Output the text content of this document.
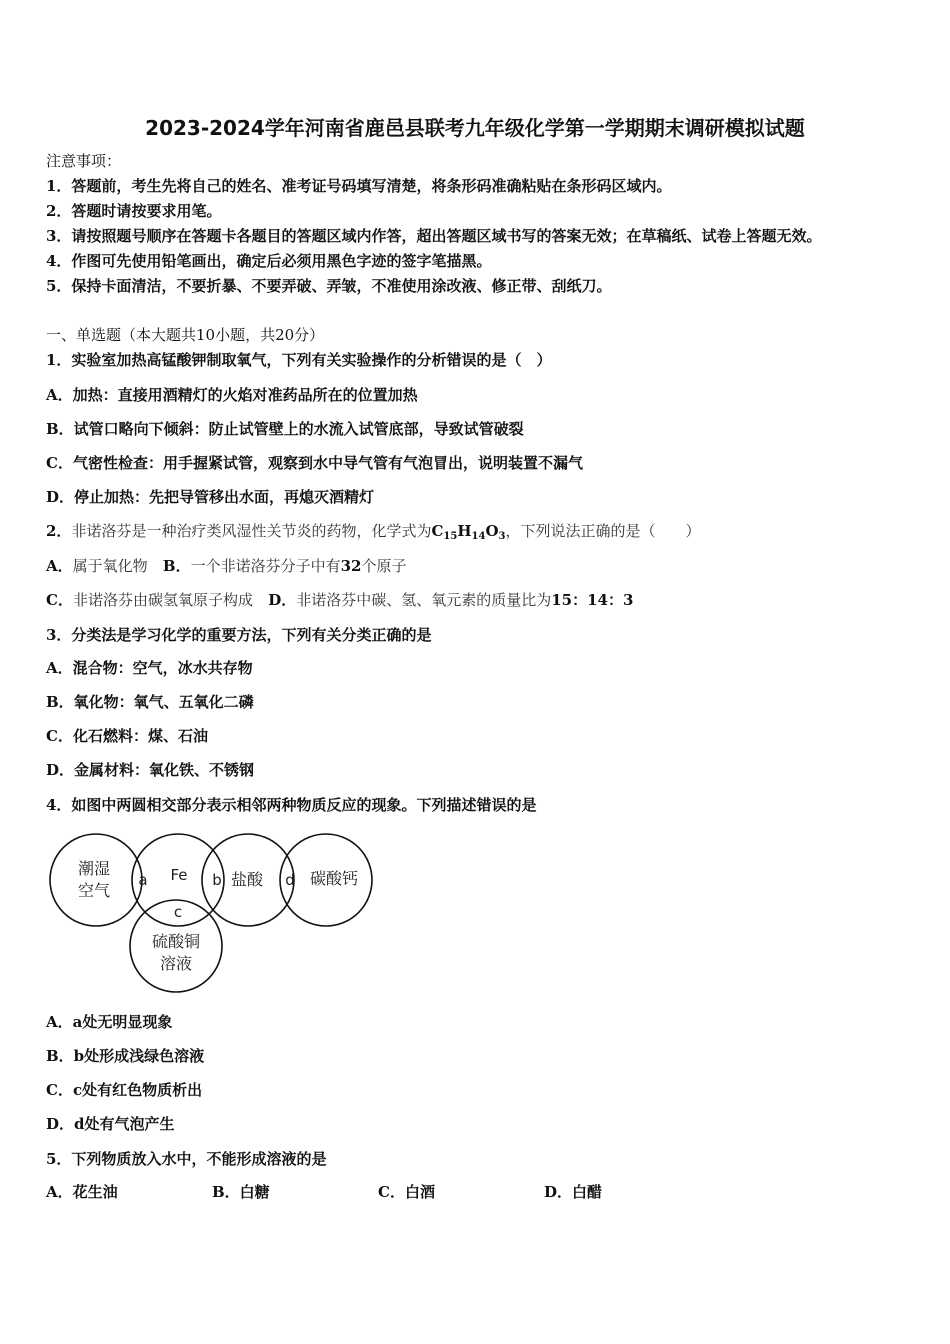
2023-2024学年河南省鹿邑县联考九年级化学第一学期期末调研模拟试题
注意事项：
1．答题前，考生先将自己的姓名、准考证号码填写清楚，将条形码准确粘贴在条形码区域内。
2．答题时请按要求用笔。
3．请按照题号顺序在答题卡各题目的答题区域内作答，超出答题区域书写的答案无效；在草稿纸、试卷上答题无效。
4．作图可先使用铅笔画出，确定后必须用黑色字迹的签字笔描黑。
5．保持卡面清洁，不要折暴、不要弄破、弄皱，不准使用涂改液、修正带、刮纸刀。
一、单选题（本大题共10小题，共20分）
1．实验室加热高锰酸钾制取氧气，下列有关实验操作的分析错误的是（　）
A．加热：直接用酒精灯的火焰对准药品所在的位置加热
B．试管口略向下倾斜：防止试管壁上的水流入试管底部，导致试管破裂
C．气密性检查：用手握紧试管，观察到水中导气管有气泡冒出，说明装置不漏气
D．停止加热：先把导管移出水面，再熄灭酒精灯
2．非诺洛芬是一种治疗类风湿性关节炎的药物，化学式为$C_{15}H_{14}O_3$，下列说法正确的是（　　）
A．属于氧化物 B．一个非诺洛芬分子中有32个原子
C．非诺洛芬由碳氢氧原子构成 D．非诺洛芬中碳、氢、氧元素的质量比为15：14：3
3．分类法是学习化学的重要方法，下列有关分类正确的是
A．混合物：空气，冰水共存物
B．氧化物：氧气、五氧化二磷
C．化石燃料：煤、石油
D．金属材料：氧化铁、不锈钢
4．如图中两圆相交部分表示相邻两种物质反应的现象。下列描述错误的是
潮湿
空气
Fe	盐酸	碳酸钙
硫酸铜
溶液
a	b
c
d
A．a处无明显现象
B．b处形成浅绿色溶液
C．c处有红色物质析出
D．d处有气泡产生
5．下列物质放入水中，不能形成溶液的是
A．花生油	B．白糖	C．白酒	D．白醋
